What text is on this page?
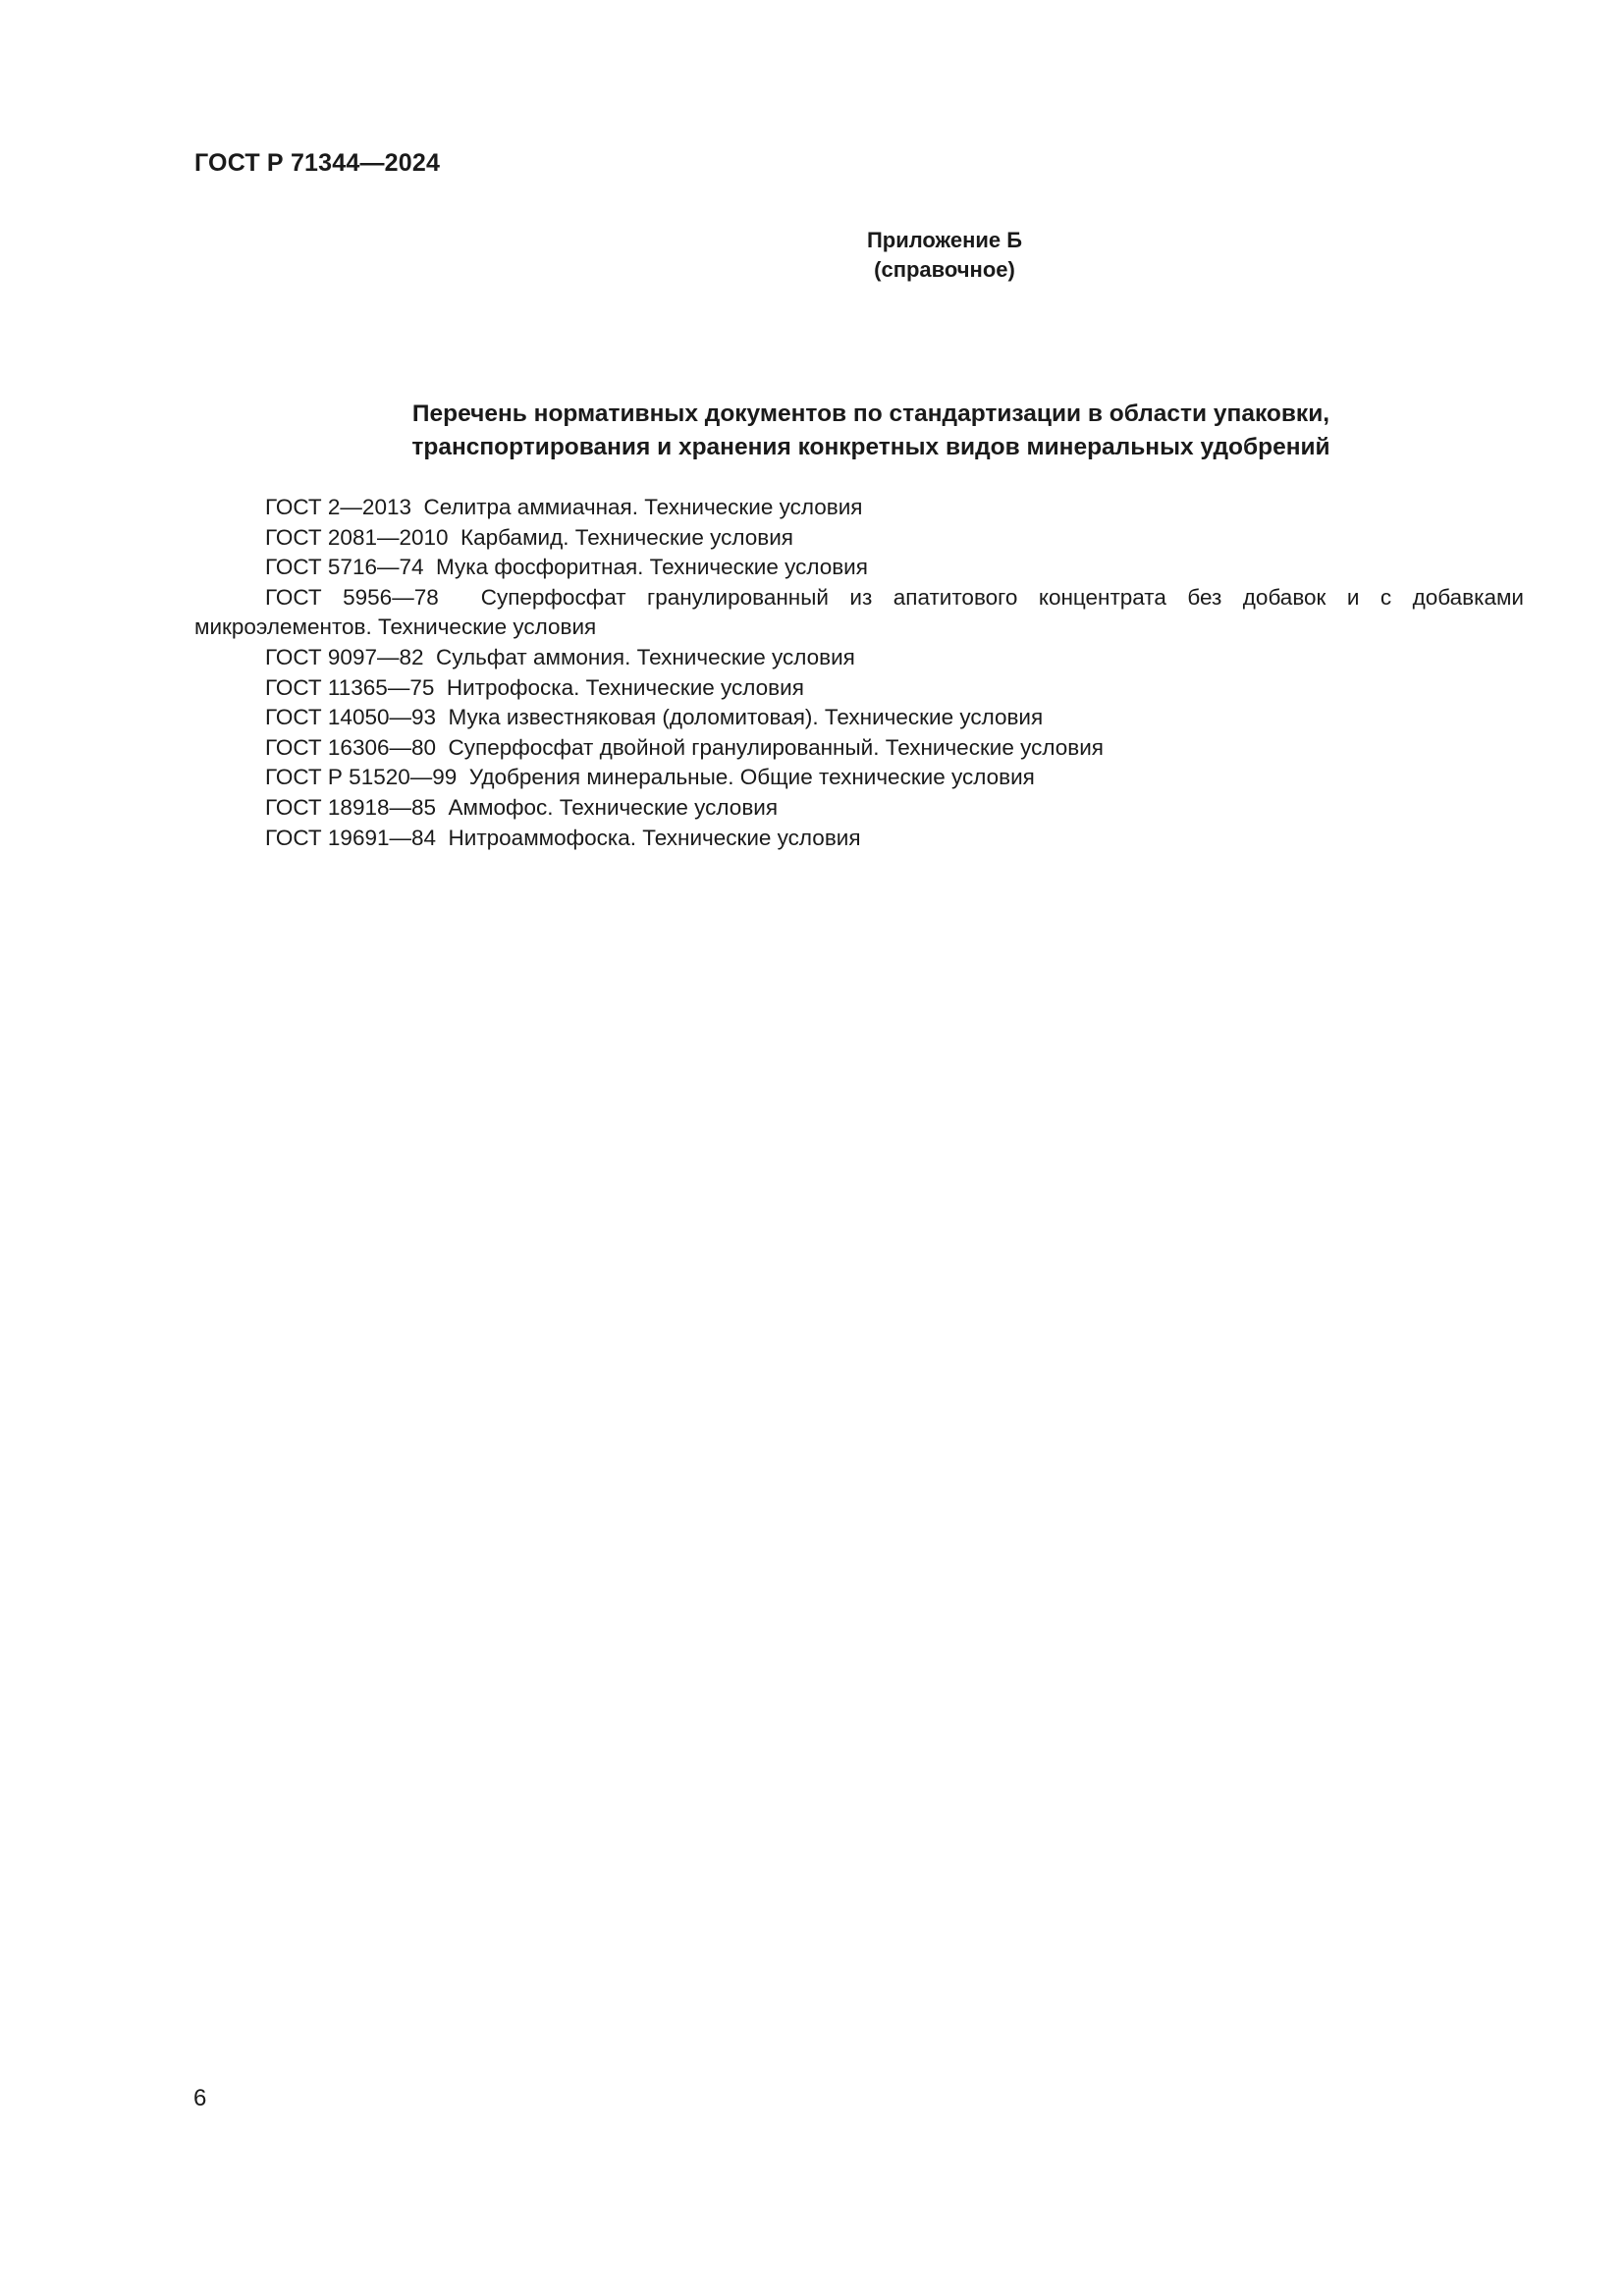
ГОСТ Р 71344—2024

Приложение Б
(справочное)
Перечень нормативных документов по стандартизации в области упаковки,
транспортирования и хранения конкретных видов минеральных удобрений
ГОСТ 2—2013 Селитра аммиачная. Технические условия
ГОСТ 2081—2010 Карбамид. Технические условия
ГОСТ 5716—74 Мука фосфоритная. Технические условия
ГОСТ 5956—78 Суперфосфат гранулированный из апатитового концентрата без добавок и с добавками микроэлементов. Технические условия
ГОСТ 9097—82 Сульфат аммония. Технические условия
ГОСТ 11365—75 Нитрофоска. Технические условия
ГОСТ 14050—93 Мука известняковая (доломитовая). Технические условия
ГОСТ 16306—80 Суперфосфат двойной гранулированный. Технические условия
ГОСТ Р 51520—99 Удобрения минеральные. Общие технические условия
ГОСТ 18918—85 Аммофос. Технические условия
ГОСТ 19691—84 Нитроаммофоска. Технические условия

6
